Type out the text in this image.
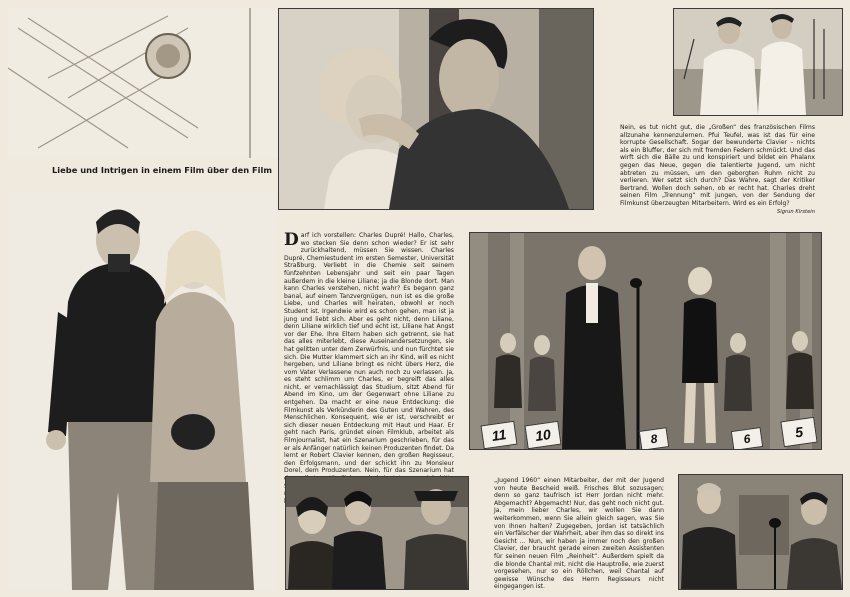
Liebe und Intrigen in einem Film über den Film

Nein, es tut nicht gut, die „Großen“ des französischen Films allzunahe kennenzulernen. Pfui Teufel, was ist das für eine korrupte Gesellschaft. Sogar der bewunderte Clavier – nichts als ein Bluffer, der sich mit fremden Federn schmückt. Und das wirft sich die Bälle zu und konspiriert und bildet ein Phalanx gegen das Neue, gegen die talentierte Jugend, um nicht abtreten zu müssen, um den geborgten Ruhm nicht zu verlieren. Wer setzt sich durch? Das Wahre, sagt der Kritiker Bertrand. Wollen doch sehen, ob er recht hat. Charles dreht seinen Film „Trennung“ mit jungen, von der Sendung der Filmkunst überzeugten Mitarbeitern. Wird es ein Erfolg?

Sigrun Kirstein
D arf ich vorstellen: Charles Dupré! Hallo, Charles, wo stecken Sie denn schon wieder? Er ist sehr zurückhaltend, müssen Sie wissen. Charles Dupré, Chemiestudent im ersten Semester, Universität Straßburg. Verliebt in die Chemie seit seinem fünfzehnten Lebensjahr und seit ein paar Tagen außerdem in die kleine Liliane; ja die Blonde dort. Man kann Charles verstehen, nicht wahr? Es begann ganz banal, auf einem Tanzvergnügen, nun ist es die große Liebe, und Charles will heiraten, obwohl er noch Student ist. Irgendwie wird es schon gehen, man ist ja jung und liebt sich. Aber es geht nicht, denn Liliane, denn Liliane wirklich tief und echt ist, Liliane hat Angst vor der Ehe. Ihre Eltern haben sich getrennt, sie hat das alles miterlebt, diese Auseinandersetzungen, sie hat gelitten unter dem Zerwürfnis, und nun fürchtet sie sich. Die Mutter klammert sich an ihr Kind, will es nicht hergeben, und Liliane bringt es nicht übers Herz, die vom Vater Verlassene nun auch noch zu verlassen. Ja, es steht schlimm um Charles, er begreift das alles nicht, er vernachlässigt das Studium, sitzt Abend für Abend im Kino, um der Gegenwart ohne Liliane zu entgehen. Da macht er eine neue Entdeckung: die Filmkunst als Verkünderin des Guten und Wahren, des Menschlichen. Konsequent, wie er ist, verschreibt er sich dieser neuen Entdeckung mit Haut und Haar. Er geht nach Paris, gründet einen Filmklub, arbeitet als Filmjournalist, hat ein Szenarium geschrieben, für das er als Anfänger natürlich keinen Produzenten findet. Da lernt er Robert Clavier kennen, den großen Regisseur, den Erfolgsmann, und der schickt ihn zu Monsieur Dorel, dem Produzenten. Nein, für das Szenarium hat
11	10	8	6	5

„Jugend 1960“ einen Mitarbeiter, der mit der Jugend von heute Bescheid weiß. Frisches Blut sozusagen; denn so ganz taufrisch ist Herr Jordan nicht mehr. Abgemacht? Abgemacht! Nur, das geht noch nicht gut. Ja, mein lieber Charles, wir wollen Sie dann weiterkommen, wenn Sie allein gleich sagen, was Sie von Ihnen halten? Zugegeben, Jordan ist tatsächlich ein Verfälscher der Wahrheit, aber ihm das so direkt ins Gesicht ... Nun, wir haben ja immer noch den großen Clavier, der braucht gerade einen zweiten Assistenten für seinen neuen Film „Reinheit“. Außerdem spielt da die blonde Chantal mit, nicht die Hauptrolle, wie zuerst vorgesehen, nur so ein Röllchen, weil Chantal auf gewisse Wünsche des Herrn Regisseurs nicht eingegangen ist.
